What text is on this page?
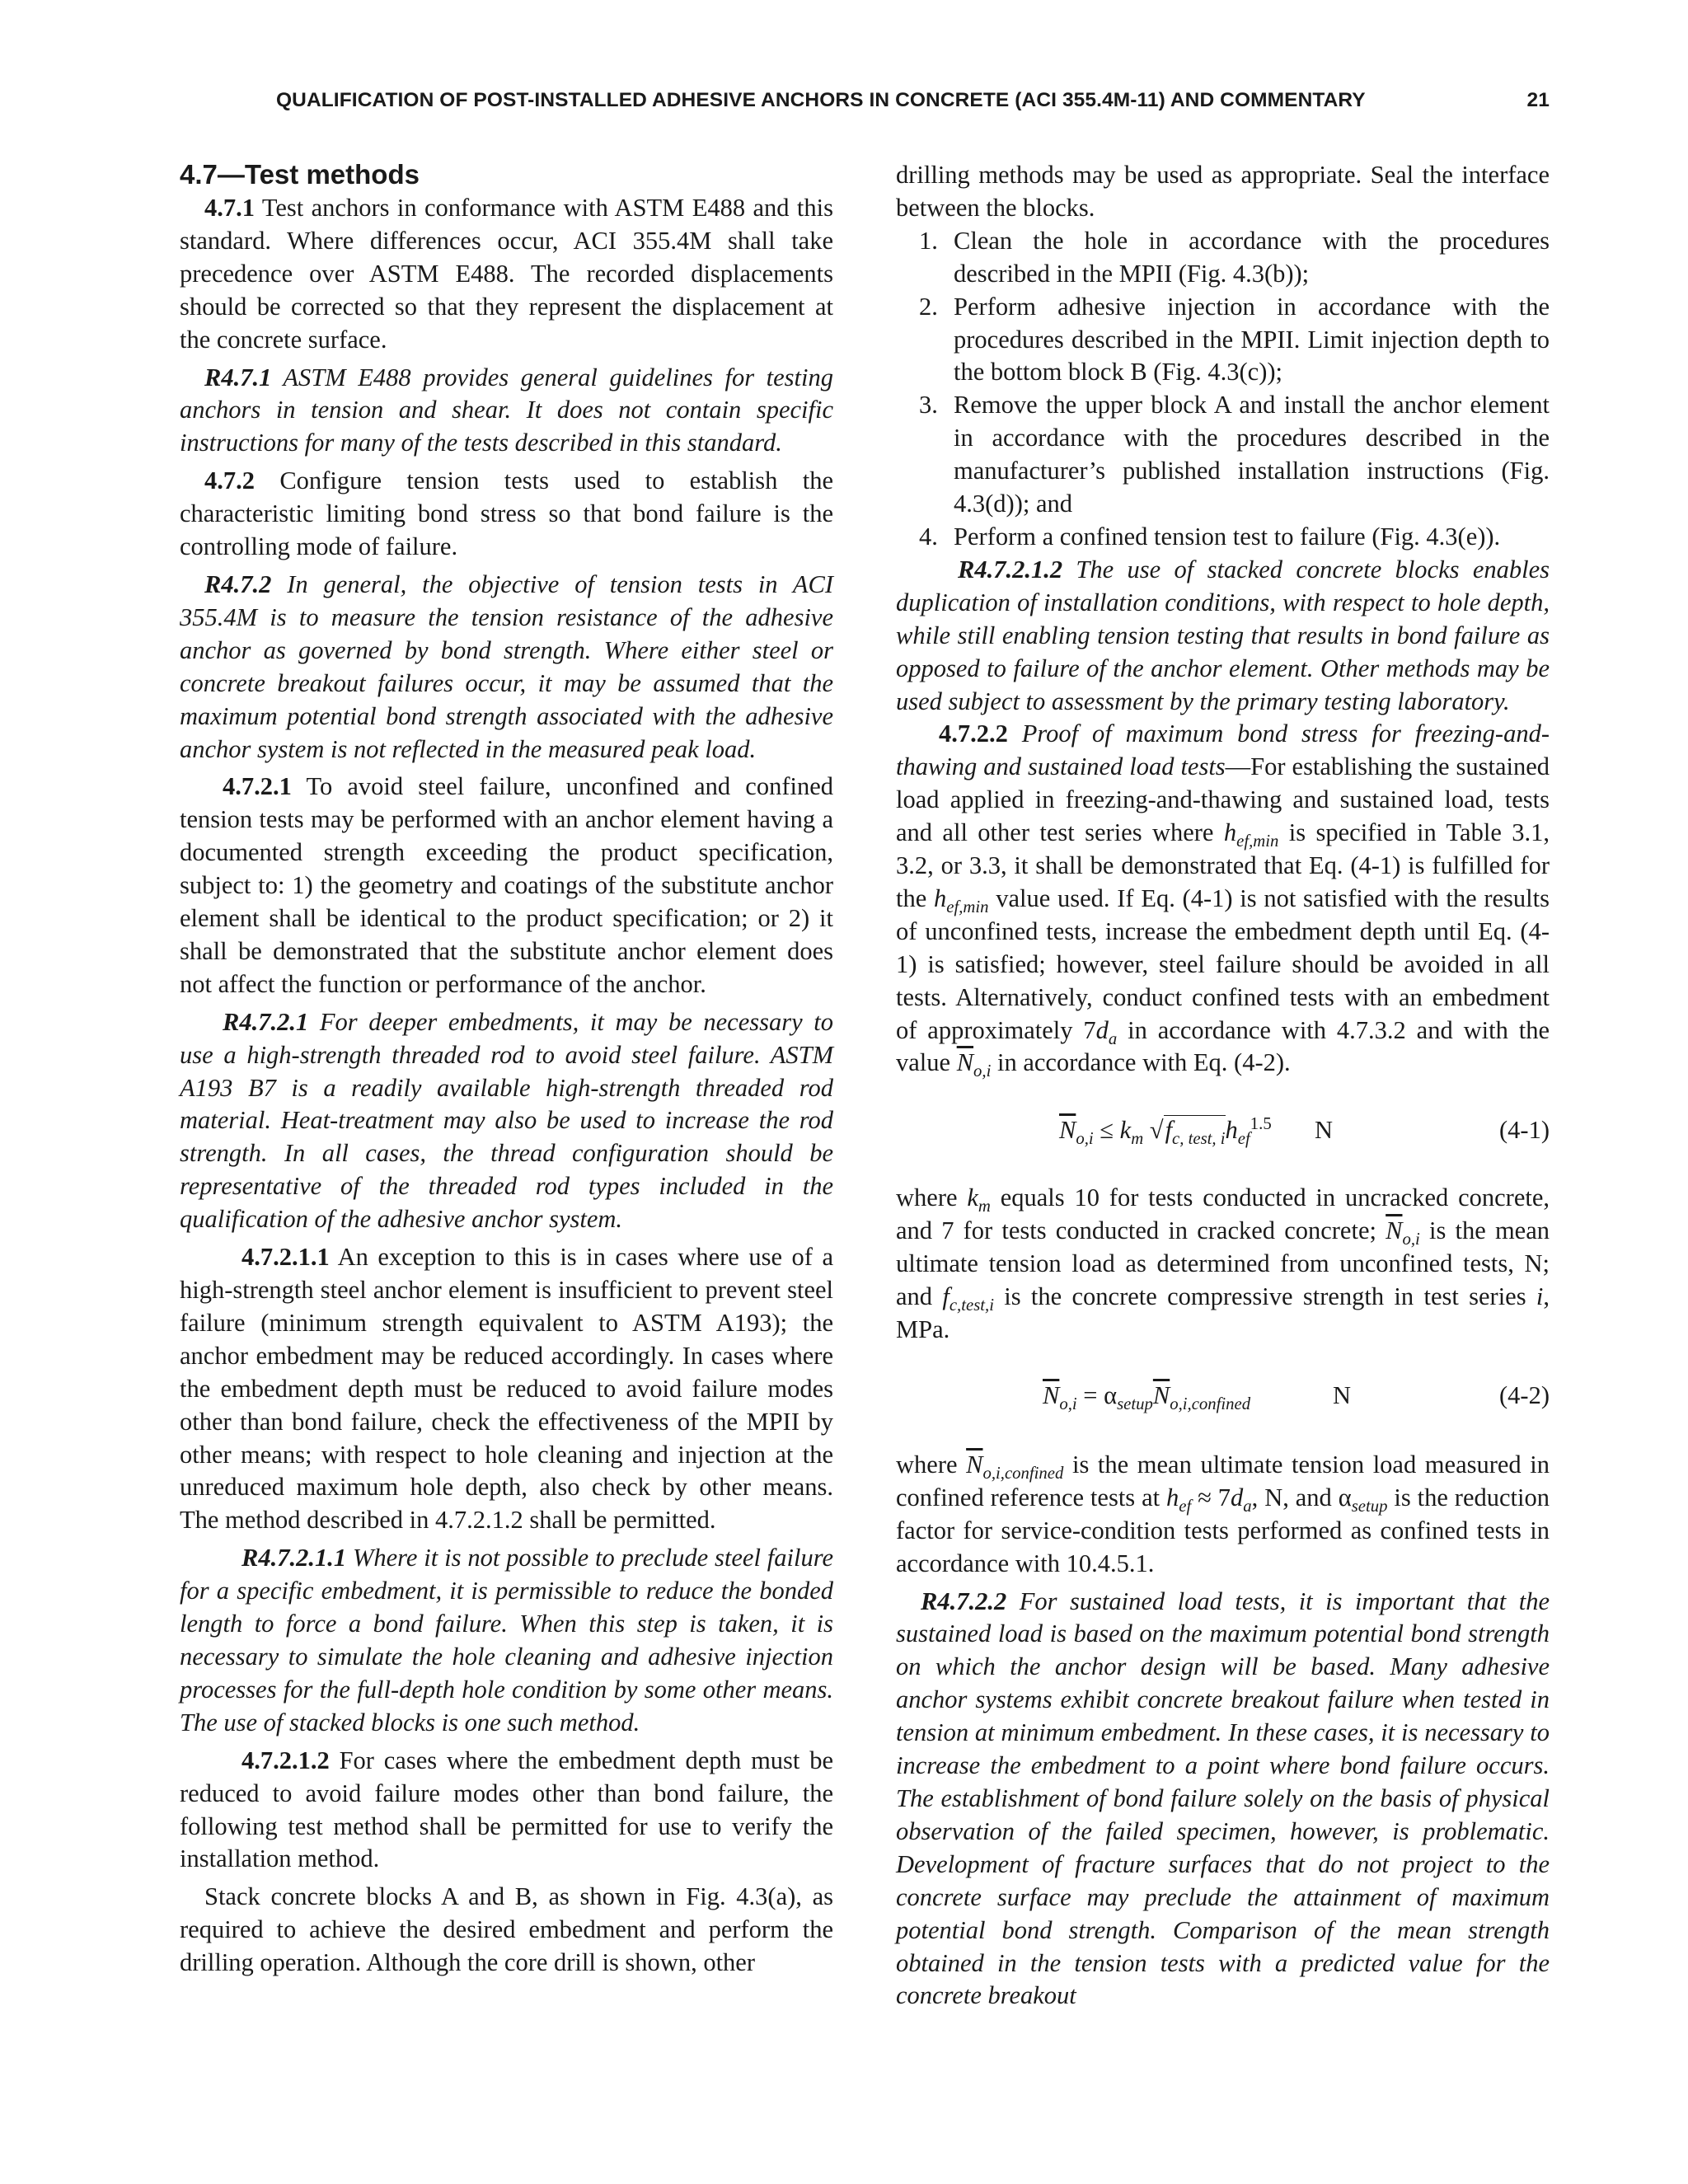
QUALIFICATION OF POST-INSTALLED ADHESIVE ANCHORS IN CONCRETE (ACI 355.4M-11) AND COMMENTARY	21
4.7—Test methods

4.7.1 Test anchors in conformance with ASTM E488 and this standard. Where differences occur, ACI 355.4M shall take precedence over ASTM E488. The recorded displacements should be corrected so that they represent the displacement at the concrete surface.

R4.7.1 ASTM E488 provides general guidelines for testing anchors in tension and shear. It does not contain specific instructions for many of the tests described in this standard.

4.7.2 Configure tension tests used to establish the characteristic limiting bond stress so that bond failure is the controlling mode of failure.

R4.7.2 In general, the objective of tension tests in ACI 355.4M is to measure the tension resistance of the adhesive anchor as governed by bond strength. Where either steel or concrete breakout failures occur, it may be assumed that the maximum potential bond strength associated with the adhesive anchor system is not reflected in the measured peak load.

4.7.2.1 To avoid steel failure, unconfined and confined tension tests may be performed with an anchor element having a documented strength exceeding the product specification, subject to: 1) the geometry and coatings of the substitute anchor element shall be identical to the product specification; or 2) it shall be demonstrated that the substitute anchor element does not affect the function or performance of the anchor.

R4.7.2.1 For deeper embedments, it may be necessary to use a high-strength threaded rod to avoid steel failure. ASTM A193 B7 is a readily available high-strength threaded rod material. Heat-treatment may also be used to increase the rod strength. In all cases, the thread configuration should be representative of the threaded rod types included in the qualification of the adhesive anchor system.

4.7.2.1.1 An exception to this is in cases where use of a high-strength steel anchor element is insufficient to prevent steel failure (minimum strength equivalent to ASTM A193); the anchor embedment may be reduced accordingly. In cases where the embedment depth must be reduced to avoid failure modes other than bond failure, check the effectiveness of the MPII by other means; with respect to hole cleaning and injection at the unreduced maximum hole depth, also check by other means. The method described in 4.7.2.1.2 shall be permitted.

R4.7.2.1.1 Where it is not possible to preclude steel failure for a specific embedment, it is permissible to reduce the bonded length to force a bond failure. When this step is taken, it is necessary to simulate the hole cleaning and adhesive injection processes for the full-depth hole condition by some other means. The use of stacked blocks is one such method.

4.7.2.1.2 For cases where the embedment depth must be reduced to avoid failure modes other than bond failure, the following test method shall be permitted for use to verify the installation method.

Stack concrete blocks A and B, as shown in Fig. 4.3(a), as required to achieve the desired embedment and perform the drilling operation. Although the core drill is shown, other

drilling methods may be used as appropriate. Seal the interface between the blocks.

1. Clean the hole in accordance with the procedures described in the MPII (Fig. 4.3(b));
2. Perform adhesive injection in accordance with the procedures described in the MPII. Limit injection depth to the bottom block B (Fig. 4.3(c));
3. Remove the upper block A and install the anchor element in accordance with the procedures described in the manufacturer’s published installation instructions (Fig. 4.3(d)); and
4. Perform a confined tension test to failure (Fig. 4.3(e)).

R4.7.2.1.2 The use of stacked concrete blocks enables duplication of installation conditions, with respect to hole depth, while still enabling tension testing that results in bond failure as opposed to failure of the anchor element. Other methods may be used subject to assessment by the primary testing laboratory.

4.7.2.2 Proof of maximum bond stress for freezing-and-thawing and sustained load tests—For establishing the sustained load applied in freezing-and-thawing and sustained load, tests and all other test series where $h_{ef,min}$ is specified in Table 3.1, 3.2, or 3.3, it shall be demonstrated that Eq. (4-1) is fulfilled for the $h_{ef,min}$ value used. If Eq. (4-1) is not satisfied with the results of unconfined tests, increase the embedment depth until Eq. (4-1) is satisfied; however, steel failure should be avoided in all tests. Alternatively, conduct confined tests with an embedment of approximately $7d_a$ in accordance with 4.7.3.2 and with the value $\overline{N}_{o,i}$ in accordance with Eq. (4-2).

$\overline{N}_{o,i} \le k_m$ $√f_{c, test, i}h_{ef}^{1.5}$ N	(4-1)

where $k_m$ equals 10 for tests conducted in uncracked concrete, and 7 for tests conducted in cracked concrete; $\overline{N}_{o,i}$ is the mean ultimate tension load as determined from unconfined tests, N; and $f_{c,test,i}$ is the concrete compressive strength in test series i, MPa.

$\overline{N}_{o,i} = \alpha_{setup}\overline{N}_{o,i,confined}$	N	(4-2)

where $\overline{N}_{o,i,confined}$ is the mean ultimate tension load measured in confined reference tests at $h_{ef} \approx 7d_a$, N, and $\alpha_{setup}$ is the reduction factor for service-condition tests performed as confined tests in accordance with 10.4.5.1.

R4.7.2.2 For sustained load tests, it is important that the sustained load is based on the maximum potential bond strength on which the anchor design will be based. Many adhesive anchor systems exhibit concrete breakout failure when tested in tension at minimum embedment. In these cases, it is necessary to increase the embedment to a point where bond failure occurs. The establishment of bond failure solely on the basis of physical observation of the failed specimen, however, is problematic. Development of fracture surfaces that do not project to the concrete surface may preclude the attainment of maximum potential bond strength. Comparison of the mean strength obtained in the tension tests with a predicted value for the concrete breakout
